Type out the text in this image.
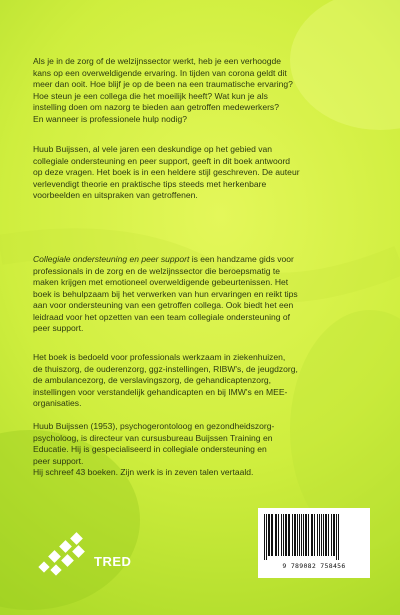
Als je in de zorg of de welzijnssector werkt, heb je een verhoogde

kans op een overweldigende ervaring. In tijden van corona geldt dit

meer dan ooit. Hoe blijf je op de been na een traumatische ervaring?

Hoe steun je een collega die het moeilijk heeft? Wat kun je als

instelling doen om nazorg te bieden aan getroffen medewerkers?

En wanneer is professionele hulp nodig?

Huub Buijssen, al vele jaren een deskundige op het gebied van

collegiale ondersteuning en peer support, geeft in dit boek antwoord

op deze vragen. Het boek is in een heldere stijl geschreven. De auteur

verlevendigt theorie en praktische tips steeds met herkenbare

voorbeelden en uitspraken van getroffenen.

Collegiale ondersteuning en peer support is een handzame gids voor

professionals in de zorg en de welzijnssector die beroepsmatig te

maken krijgen met emotioneel overweldigende gebeurtenissen. Het

boek is behulpzaam bij het verwerken van hun ervaringen en reikt tips

aan voor ondersteuning van een getroffen collega. Ook biedt het een

leidraad voor het opzetten van een team collegiale ondersteuning of

peer support.

Het boek is bedoeld voor professionals werkzaam in ziekenhuizen,

de thuiszorg, de ouderenzorg, ggz-instellingen, RIBW's, de jeugdzorg,

de ambulancezorg, de verslavingszorg, de gehandicaptenzorg,

instellingen voor verstandelijk gehandicapten en bij IMW's en MEE-

organisaties.

Huub Buijssen (1953), psychogerontoloog en gezondheidszorg-

psycholoog, is directeur van cursusbureau Buijssen Training en

Educatie. Hij is gespecialiseerd in collegiale ondersteuning en

peer support.

Hij schreef 43 boeken. Zijn werk is in zeven talen vertaald.

TRED	9 789082 758456
